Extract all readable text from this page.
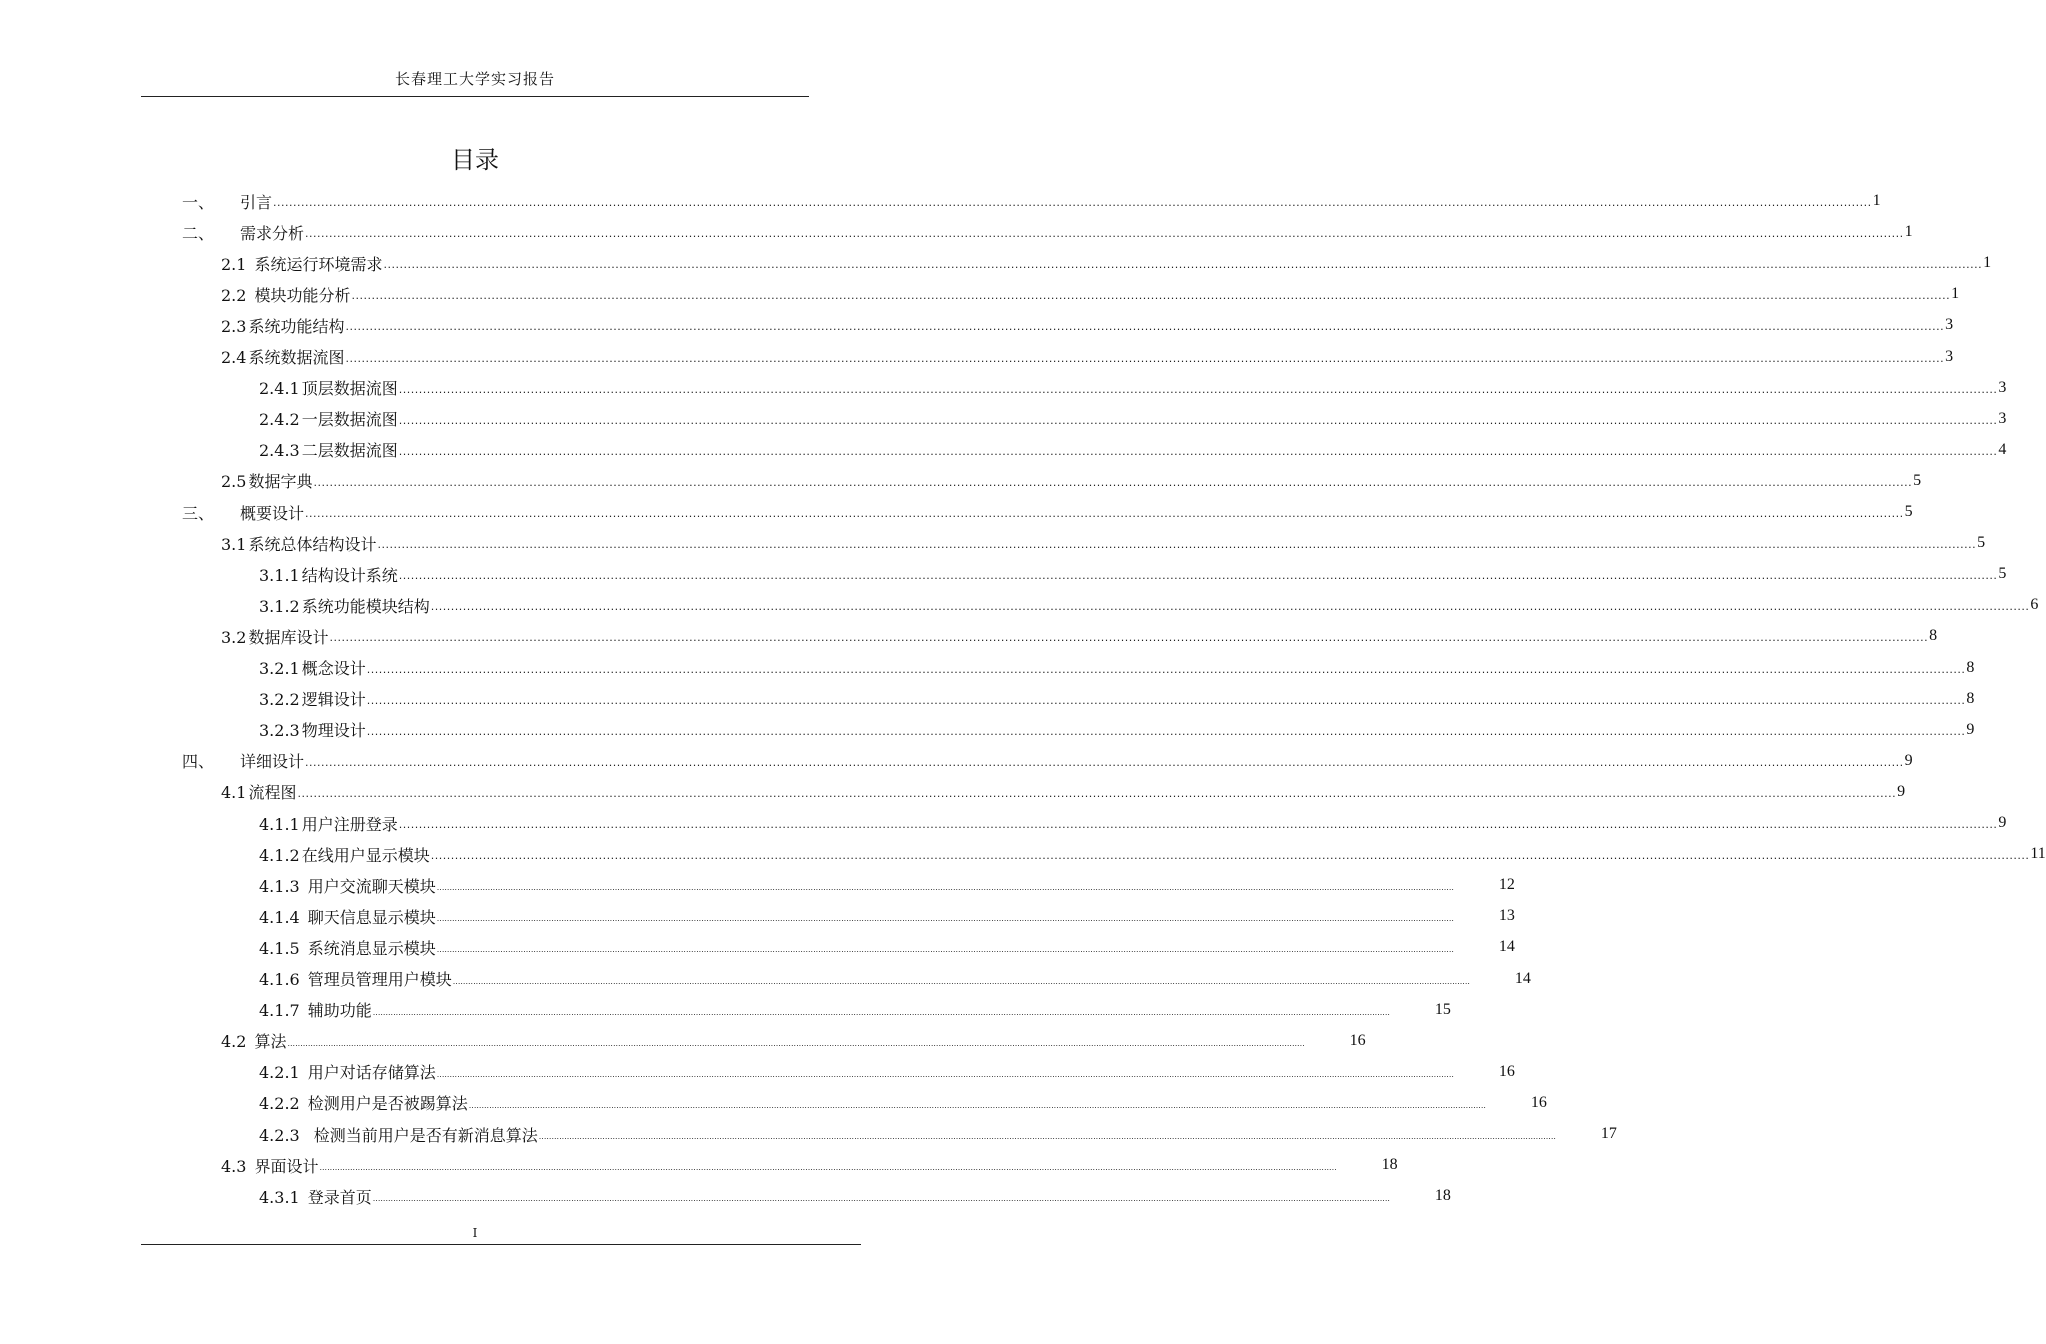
长春理工大学实习报告
目录
一、 引言 ................................................................................................................................................................................................................................................................................................................................................................................................................ 1
二、 需求分析 ................................................................................................................................................................................................................................................................................................................................................................................................................ 1
2.1 系统运行环境需求 ................................................................................................................................................................................................................................................................................................................................................................................................................ 1
2.2 模块功能分析 ................................................................................................................................................................................................................................................................................................................................................................................................................ 1
2.3 系统功能结构 ................................................................................................................................................................................................................................................................................................................................................................................................................ 3
2.4 系统数据流图 ................................................................................................................................................................................................................................................................................................................................................................................................................ 3
2.4.1 顶层数据流图 ................................................................................................................................................................................................................................................................................................................................................................................................................ 3
2.4.2 一层数据流图 ................................................................................................................................................................................................................................................................................................................................................................................................................ 3
2.4.3 二层数据流图 ................................................................................................................................................................................................................................................................................................................................................................................................................ 4
2.5 数据字典 ................................................................................................................................................................................................................................................................................................................................................................................................................ 5
三、 概要设计 ................................................................................................................................................................................................................................................................................................................................................................................................................ 5
3.1 系统总体结构设计 ................................................................................................................................................................................................................................................................................................................................................................................................................ 5
3.1.1 结构设计系统 ................................................................................................................................................................................................................................................................................................................................................................................................................ 5
3.1.2 系统功能模块结构 ................................................................................................................................................................................................................................................................................................................................................................................................................ 6
3.2 数据库设计 ................................................................................................................................................................................................................................................................................................................................................................................................................ 8
3.2.1 概念设计 ................................................................................................................................................................................................................................................................................................................................................................................................................ 8
3.2.2 逻辑设计 ................................................................................................................................................................................................................................................................................................................................................................................................................ 8
3.2.3 物理设计 ................................................................................................................................................................................................................................................................................................................................................................................................................ 9
四、 详细设计 ................................................................................................................................................................................................................................................................................................................................................................................................................ 9
4.1 流程图 ................................................................................................................................................................................................................................................................................................................................................................................................................ 9
4.1.1 用户注册登录 ................................................................................................................................................................................................................................................................................................................................................................................................................ 9
4.1.2 在线用户显示模块 ................................................................................................................................................................................................................................................................................................................................................................................................................ 11
4.1.3 用户交流聊天模块 ................................................................................................................................................................................................................................................................................................................................................................................................................	12
4.1.4 聊天信息显示模块 ................................................................................................................................................................................................................................................................................................................................................................................................................	13
4.1.5 系统消息显示模块 ................................................................................................................................................................................................................................................................................................................................................................................................................	14
4.1.6 管理员管理用户模块 ................................................................................................................................................................................................................................................................................................................................................................................................................	14
4.1.7 辅助功能 ................................................................................................................................................................................................................................................................................................................................................................................................................	15
4.2 算法 ................................................................................................................................................................................................................................................................................................................................................................................................................	16
4.2.1 用户对话存储算法 ................................................................................................................................................................................................................................................................................................................................................................................................................	16
4.2.2 检测用户是否被踢算法 ................................................................................................................................................................................................................................................................................................................................................................................................................	16
4.2.3 检测当前用户是否有新消息算法 ................................................................................................................................................................................................................................................................................................................................................................................................................	17
4.3 界面设计 ................................................................................................................................................................................................................................................................................................................................................................................................................	18
4.3.1 登录首页 ................................................................................................................................................................................................................................................................................................................................................................................................................	18
I
